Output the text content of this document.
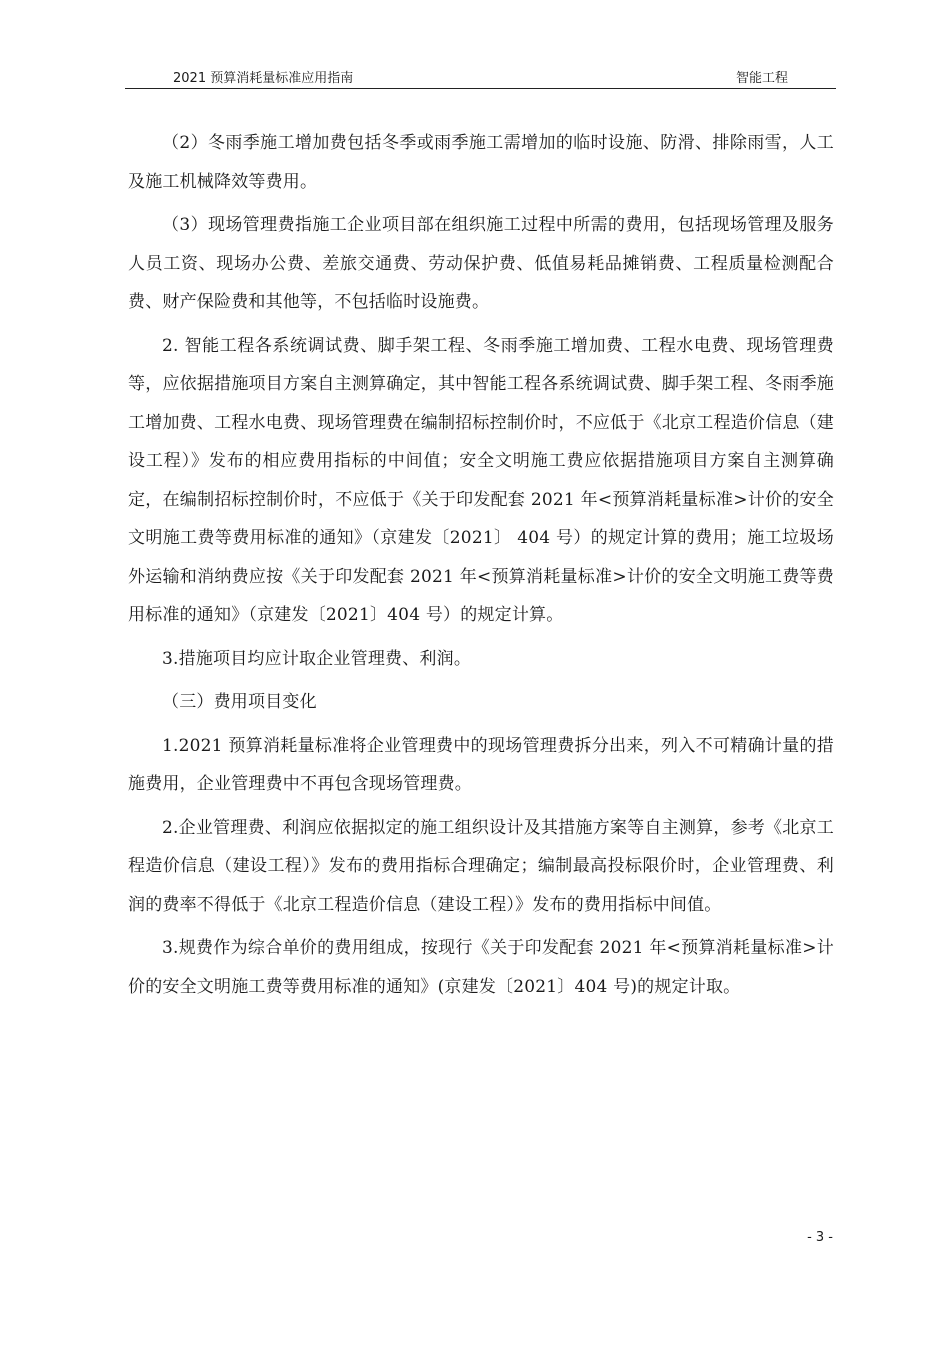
2021 预算消耗量标准应用指南	智能工程

（2）冬雨季施工增加费包括冬季或雨季施工需增加的临时设施、防滑、排除雨雪，人工及施工机械降效等费用。

（3）现场管理费指施工企业项目部在组织施工过程中所需的费用，包括现场管理及服务人员工资、现场办公费、差旅交通费、劳动保护费、低值易耗品摊销费、工程质量检测配合费、财产保险费和其他等，不包括临时设施费。

2. 智能工程各系统调试费、脚手架工程、冬雨季施工增加费、工程水电费、现场管理费等，应依据措施项目方案自主测算确定，其中智能工程各系统调试费、脚手架工程、冬雨季施工增加费、工程水电费、现场管理费在编制招标控制价时，不应低于《北京工程造价信息（建设工程）》发布的相应费用指标的中间值；安全文明施工费应依据措施项目方案自主测算确定，在编制招标控制价时，不应低于《关于印发配套 2021 年<预算消耗量标准>计价的安全文明施工费等费用标准的通知》（京建发〔2021〕 404 号）的规定计算的费用；施工垃圾场外运输和消纳费应按《关于印发配套 2021 年<预算消耗量标准>计价的安全文明施工费等费用标准的通知》（京建发〔2021〕404 号）的规定计算。

3.措施项目均应计取企业管理费、利润。

（三）费用项目变化

1.2021 预算消耗量标准将企业管理费中的现场管理费拆分出来，列入不可精确计量的措施费用，企业管理费中不再包含现场管理费。

2.企业管理费、利润应依据拟定的施工组织设计及其措施方案等自主测算，参考《北京工程造价信息（建设工程）》发布的费用指标合理确定；编制最高投标限价时，企业管理费、利润的费率不得低于《北京工程造价信息（建设工程）》发布的费用指标中间值。

3.规费作为综合单价的费用组成，按现行《关于印发配套 2021 年<预算消耗量标准>计价的安全文明施工费等费用标准的通知》(京建发〔2021〕404 号)的规定计取。

- 3 -
